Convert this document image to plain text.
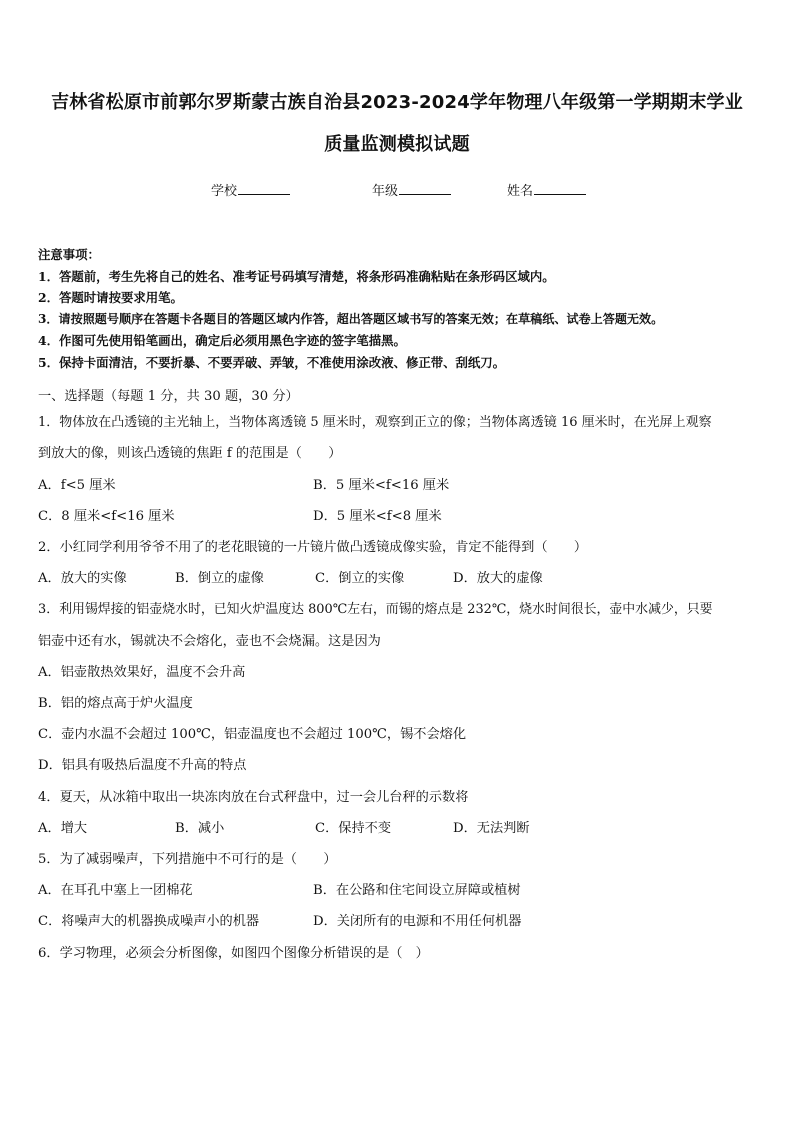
吉林省松原市前郭尔罗斯蒙古族自治县2023-2024学年物理八年级第一学期期末学业
质量监测模拟试题
学校	年级	姓名
注意事项：
1．答题前，考生先将自己的姓名、准考证号码填写清楚，将条形码准确粘贴在条形码区域内。
2．答题时请按要求用笔。
3．请按照题号顺序在答题卡各题目的答题区域内作答，超出答题区域书写的答案无效；在草稿纸、试卷上答题无效。
4．作图可先使用铅笔画出，确定后必须用黑色字迹的签字笔描黑。
5．保持卡面清洁，不要折暴、不要弄破、弄皱，不准使用涂改液、修正带、刮纸刀。
一、选择题（每题 1 分，共 30 题，30 分）
1．物体放在凸透镜的主光轴上，当物体离透镜 5 厘米时，观察到正立的像；当物体离透镜 16 厘米时，在光屏上观察
到放大的像，则该凸透镜的焦距 f 的范围是（　　）
A．f<5 厘米	B．5 厘米<f<16 厘米
C．8 厘米<f<16 厘米	D．5 厘米<f<8 厘米
2．小红同学利用爷爷不用了的老花眼镜的一片镜片做凸透镜成像实验，肯定不能得到（　　）
A．放大的实像	B．倒立的虚像	C．倒立的实像	D．放大的虚像
3．利用锡焊接的铝壶烧水时，已知火炉温度达 800℃左右，而锡的熔点是 232℃，烧水时间很长，壶中水减少，只要
铝壶中还有水，锡就决不会熔化，壶也不会烧漏。这是因为
A．铝壶散热效果好，温度不会升高
B．铝的熔点高于炉火温度
C．壶内水温不会超过 100℃，铝壶温度也不会超过 100℃，锡不会熔化
D．铝具有吸热后温度不升高的特点
4．夏天，从冰箱中取出一块冻肉放在台式秤盘中，过一会儿台秤的示数将
A．增大	B．减小	C．保持不变	D．无法判断
5．为了减弱噪声，下列措施中不可行的是（　　）
A．在耳孔中塞上一团棉花	B．在公路和住宅间设立屏障或植树
C．将噪声大的机器换成噪声小的机器	D．关闭所有的电源和不用任何机器
6．学习物理，必须会分析图像，如图四个图像分析错误的是（　）
